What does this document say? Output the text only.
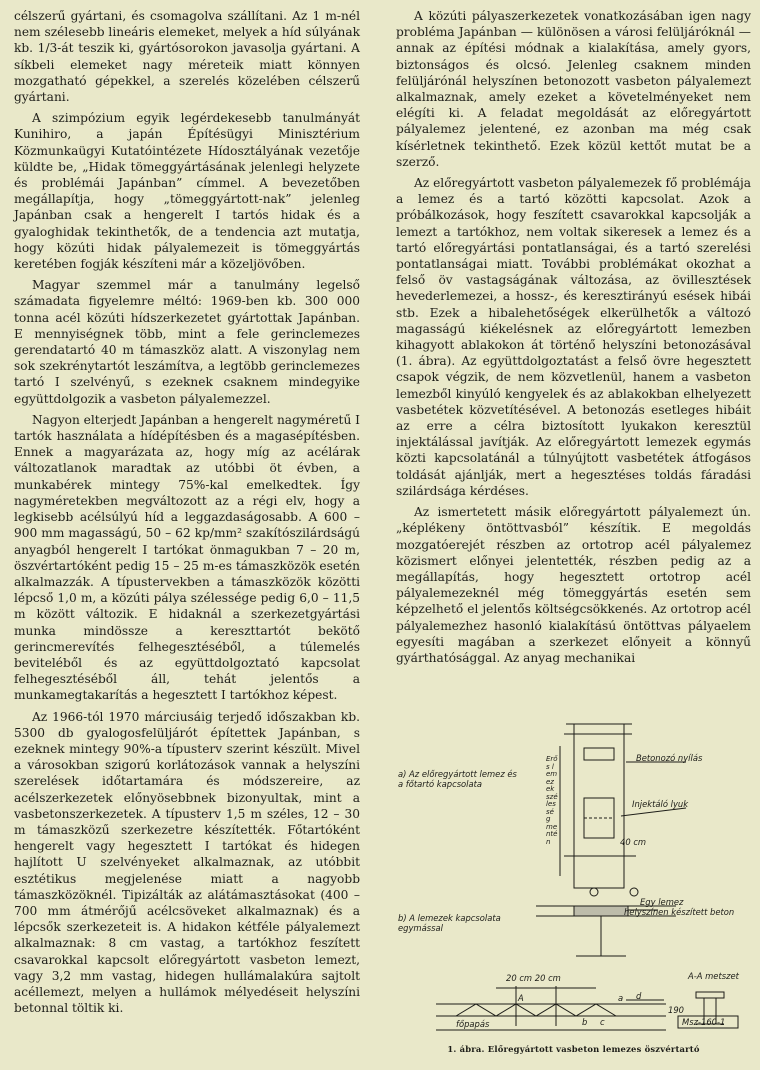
célszerű gyártani, és csomagolva szállítani. Az 1 m-nél nem szélesebb lineáris elemeket, melyek a híd súlyának kb. 1/3-át teszik ki, gyártósorokon javasolja gyártani. A síkbeli elemeket nagy méreteik miatt könnyen mozgatható gépekkel, a szerelés közelében célszerű gyártani.

A szimpózium egyik legérdekesebb tanulmányát Kunihiro, a japán Építésügyi Minisztérium Közmunkaügyi Kutatóintézete Hídosztályának vezetője küldte be, „Hidak tömeggyártásának jelenlegi helyzete és problémái Japánban” címmel. A bevezetőben megállapítja, hogy „tömeggyártott-nak” jelenleg Japánban csak a hengerelt I tartós hidak és a gyaloghidak tekinthetők, de a tendencia azt mutatja, hogy közúti hidak pályalemezeit is tömeggyártás keretében fogják készíteni már a közeljövőben.

Magyar szemmel már a tanulmány legelső számadata figyelemre méltó: 1969-ben kb. 300 000 tonna acél közúti hídszerkezetet gyártottak Japánban. E mennyiségnek több, mint a fele gerinclemezes gerendatartó 40 m támaszköz alatt. A viszonylag nem sok szekrénytartót leszámítva, a legtöbb gerinclemezes tartó I szelvényű, s ezeknek csaknem mindegyike együttdolgozik a vasbeton pályalemezzel.

Nagyon elterjedt Japánban a hengerelt nagyméretű I tartók használata a hídépítésben és a magasépítésben. Ennek a magyarázata az, hogy míg az acélárak változatlanok maradtak az utóbbi öt évben, a munkabérek mintegy 75%-kal emelkedtek. Így nagyméretekben megváltozott az a régi elv, hogy a legkisebb acélsúlyú híd a leggazdaságosabb. A 600 – 900 mm magasságú, 50 – 62 kp/mm² szakítószilárdságú anyagból hengerelt I tartókat önmagukban 7 – 20 m, öszvértartóként pedig 15 – 25 m-es támaszközök esetén alkalmazzák. A típustervekben a támaszközök közötti lépcső 1,0 m, a közúti pálya szélessége pedig 6,0 – 11,5 m között változik. E hidaknál a szerkezetgyártási munka mindössze a kereszttartót bekötő gerincmerevítés felhegesztéséből, a túlemelés beviteléből és az együttdolgoztató kapcsolat felhegesztéséből áll, tehát jelentős a munkamegtakarítás a hegesztett I tartókhoz képest.

Az 1966-tól 1970 márciusáig terjedő időszakban kb. 5300 db gyalogosfelüljárót építettek Japánban, s ezeknek mintegy 90%-a típusterv szerint készült. Mivel a városokban szigorú korlátozások vannak a helyszíni szerelések időtartamára és módszereire, az acélszerkezetek előnyösebbnek bizonyultak, mint a vasbetonszerkezetek. A típusterv 1,5 m széles, 12 – 30 m támaszközű szerkezetre készítették. Főtartóként hengerelt vagy hegesztett I tartókat és hidegen hajlított U szelvényeket alkalmaznak, az utóbbit esztétikus megjelenése miatt a nagyobb támaszközöknél. Tipizálták az alátámasztásokat (400 – 700 mm átmérőjű acélcsöveket alkalmaznak) és a lépcsők szerkezeteit is. A hidakon kétféle pályalemezt alkalmaznak: 8 cm vastag, a tartókhoz feszített csavarokkal kapcsolt előregyártott vasbeton lemezt, vagy 3,2 mm vastag, hidegen hullámalakúra sajtolt acéllemezt, melyen a hullámok mélyedéseit helyszíni betonnal töltik ki.

A közúti pályaszerkezetek vonatkozásában igen nagy probléma Japánban — különösen a városi felüljáróknál — annak az építési módnak a kialakítása, amely gyors, biztonságos és olcsó. Jelenleg csaknem minden felüljárónál helyszínen betonozott vasbeton pályalemezt alkalmaznak, amely ezeket a követelményeket nem elégíti ki. A feladat megoldását az előregyártott pályalemez jelentené, ez azonban ma még csak kísérletnek tekinthető. Ezek közül kettőt mutat be a szerző.

Az előregyártott vasbeton pályalemezek fő problémája a lemez és a tartó közötti kapcsolat. Azok a próbálkozások, hogy feszített csavarokkal kapcsolják a lemezt a tartókhoz, nem voltak sikeresek a lemez és a tartó előregyártási pontatlanságai, és a tartó szerelési pontatlanságai miatt. További problémákat okozhat a felső öv vastagságának változása, az övillesztések hevederlemezei, a hossz-, és keresztirányú esések hibái stb. Ezek a hibalehetőségek elkerülhetők a változó magasságú kiékelésnek az előregyártott lemezben kihagyott ablakokon át történő helyszíni betonozásával (1. ábra). Az együttdolgoztatást a felső övre hegesztett csapok végzik, de nem közvetlenül, hanem a vasbeton lemezből kinyúló kengyelek és az ablakokban elhelyezett vasbetétek közvetítésével. A betonozás esetleges hibáit az erre a célra biztosított lyukakon keresztül injektálással javítják. Az előregyártott lemezek egymás közti kapcsolatánál a túlnyújtott vasbetétek átfogásos toldását ajánlják, mert a hegesztéses toldás fáradási szilárdsága kérdéses.

Az ismertetett másik előregyártott pályalemezt ún. „képlékeny öntöttvasból” készítik. E megoldás mozgatóerejét részben az ortotrop acél pályalemez közismert előnyei jelentették, részben pedig az a megállapítás, hogy hegesztett ortotrop acél pályalemezeknél még tömeggyártás esetén sem képzelhető el jelentős költségcsökkenés. Az ortotrop acél pályalemezhez hasonló kialakítású öntöttvas pályaelem egyesíti magában a szerkezet előnyeit a könnyű gyárthatósággal. Az anyag mechanikai

a) Az előregyártott lemez és a főtartó kapcsolata
Betonozó nyílás
Injektáló lyuk
Erős lemezek szélesség mentén	40 cm
b) A lemezek kapcsolata egymással
Egy lemez
helyszínen készített beton
20 cm 20 cm	A-A metszet
A	a d
b c
főpapás
190
Msz-160-1
1. ábra. Előregyártott vasbeton lemezes öszvértartó
